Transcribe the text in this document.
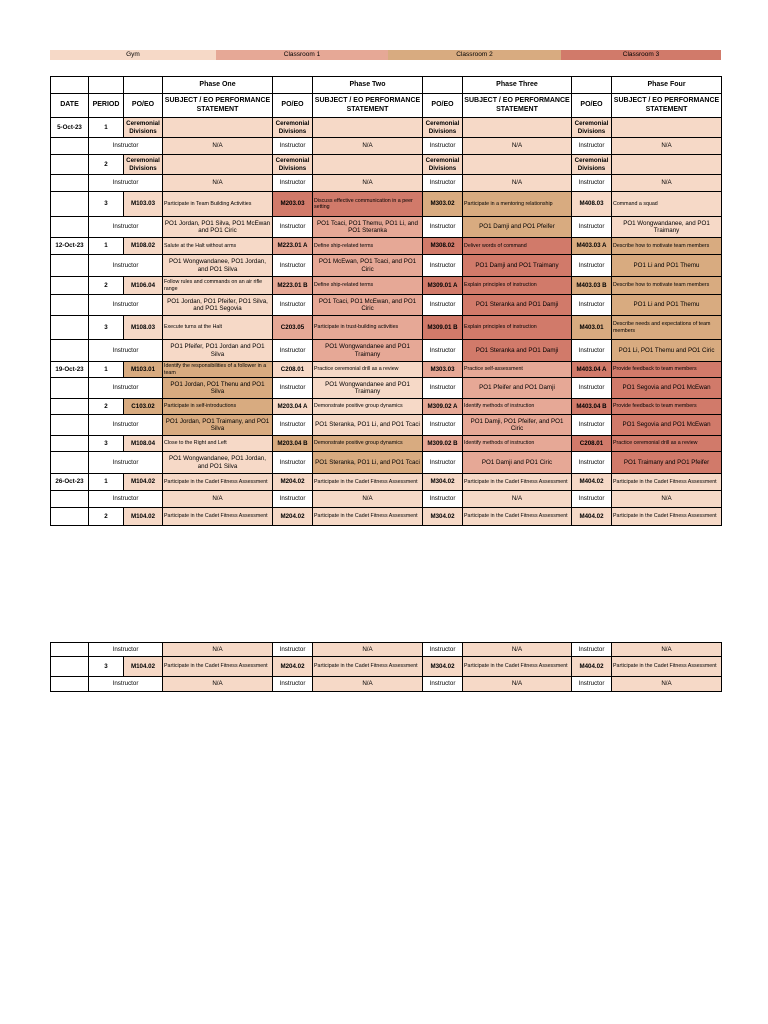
Gym	Classroom 1	Classroom 2	Classroom 3
			Phase One		Phase Two		Phase Three		Phase Four
DATE	PERIOD	PO/EO	SUBJECT / EO PERFORMANCE STATEMENT	PO/EO	SUBJECT / EO PERFORMANCE STATEMENT	PO/EO	SUBJECT / EO PERFORMANCE STATEMENT	PO/EO	SUBJECT / EO PERFORMANCE STATEMENT
5-Oct-23	1	Ceremonial Divisions		Ceremonial Divisions		Ceremonial Divisions		Ceremonial Divisions	
	Instructor		N/A	Instructor	N/A	Instructor	N/A	Instructor	N/A
	2	Ceremonial Divisions		Ceremonial Divisions		Ceremonial Divisions		Ceremonial Divisions	
	Instructor		N/A	Instructor	N/A	Instructor	N/A	Instructor	N/A
	3	M103.03	Participate in Team Building Activities	M203.03	Discuss effective communication in a peer setting	M303.02	Participate in a mentoring relationship	M408.03	Command a squad
	Instructor		PO1 Jordan, PO1 Silva, PO1 McEwan and PO1 Ciric	Instructor	PO1 Tcaci, PO1 Themu, PO1 Li, and PO1 Steranka	Instructor	PO1 Damji and PO1 Pfeifer	Instructor	PO1 Wongwandanee, and PO1 Traimany
12-Oct-23	1	M108.02	Salute at the Halt without arms	M223.01 A	Define ship-related terms	M308.02	Deliver words of command	M403.03 A	Describe how to motivate team members
	Instructor		PO1 Wongwandanee, PO1 Jordan, and PO1 Silva	Instructor	PO1 McEwan, PO1 Tcaci, and PO1 Ciric	Instructor	PO1 Damji and PO1 Traimany	Instructor	PO1 Li and PO1 Themu
	2	M106.04	Follow rules and commands on an air rifle range	M223.01 B	Define ship-related terms	M309.01 A	Explain principles of instruction	M403.03 B	Describe how to motivate team members
	Instructor		PO1 Jordan, PO1 Pfeifer, PO1 Silva, and PO1 Segovia	Instructor	PO1 Tcaci, PO1 McEwan, and PO1 Ciric	Instructor	PO1 Steranka and PO1 Damji	Instructor	PO1 Li and PO1 Themu
	3	M108.03	Execute turns at the Halt	C203.05	Participate in trust-building activities	M309.01 B	Explain principles of instruction	M403.01	Describe needs and expectations of team members
	Instructor		PO1 Pfeifer, PO1 Jordan and PO1 Silva	Instructor	PO1 Wongwandanee and PO1 Traimany	Instructor	PO1 Steranka and PO1 Damji	Instructor	PO1 Li, PO1 Themu and PO1 Ciric
19-Oct-23	1	M103.01	Identify the responsibilities of a follower in a team	C208.01	Practice ceremonial drill as a review	M303.03	Practice self-assessment	M403.04 A	Provide feedback to team members
	Instructor		PO1 Jordan, PO1 Thenu and PO1 Silva	Instructor	PO1 Wongwandanee and PO1 Traimany	Instructor	PO1 Pfeifer and PO1 Damji	Instructor	PO1 Segovia and PO1 McEwan
	2	C103.02	Participate in self-introductions	M203.04 A	Demonstrate positive group dynamics	M309.02 A	Identify methods of instruction	M403.04 B	Provide feedback to team members
	Instructor		PO1 Jordan, PO1 Traimany, and PO1 Silva	Instructor	PO1 Steranka, PO1 Li, and PO1 Tcaci	Instructor	PO1 Damji, PO1 Pfeifer, and PO1 Ciric	Instructor	PO1 Segovia and PO1 McEwan
	3	M108.04	Close to the Right and Left	M203.04 B	Demonstrate positive group dynamics	M309.02 B	Identify methods of instruction	C208.01	Practice ceremonial drill as a review
	Instructor		PO1 Wongwandanee, PO1 Jordan, and PO1 Silva	Instructor	PO1 Steranka, PO1 Li, and PO1 Tcaci	Instructor	PO1 Damji and PO1 Ciric	Instructor	PO1 Traimany and PO1 Pfeifer
26-Oct-23	1	M104.02	Participate in the Cadet Fitness Assessment	M204.02	Participate in the Cadet Fitness Assessment	M304.02	Participate in the Cadet Fitness Assessment	M404.02	Participate in the Cadet Fitness Assessment
	Instructor		N/A	Instructor	N/A	Instructor	N/A	Instructor	N/A
	2	M104.02	Participate in the Cadet Fitness Assessment	M204.02	Participate in the Cadet Fitness Assessment	M304.02	Participate in the Cadet Fitness Assessment	M404.02	Participate in the Cadet Fitness Assessment
	Instructor		N/A	Instructor	N/A	Instructor	N/A	Instructor	N/A
	3	M104.02	Participate in the Cadet Fitness Assessment	M204.02	Participate in the Cadet Fitness Assessment	M304.02	Participate in the Cadet Fitness Assessment	M404.02	Participate in the Cadet Fitness Assessment
	Instructor		N/A	Instructor	N/A	Instructor	N/A	Instructor	N/A
